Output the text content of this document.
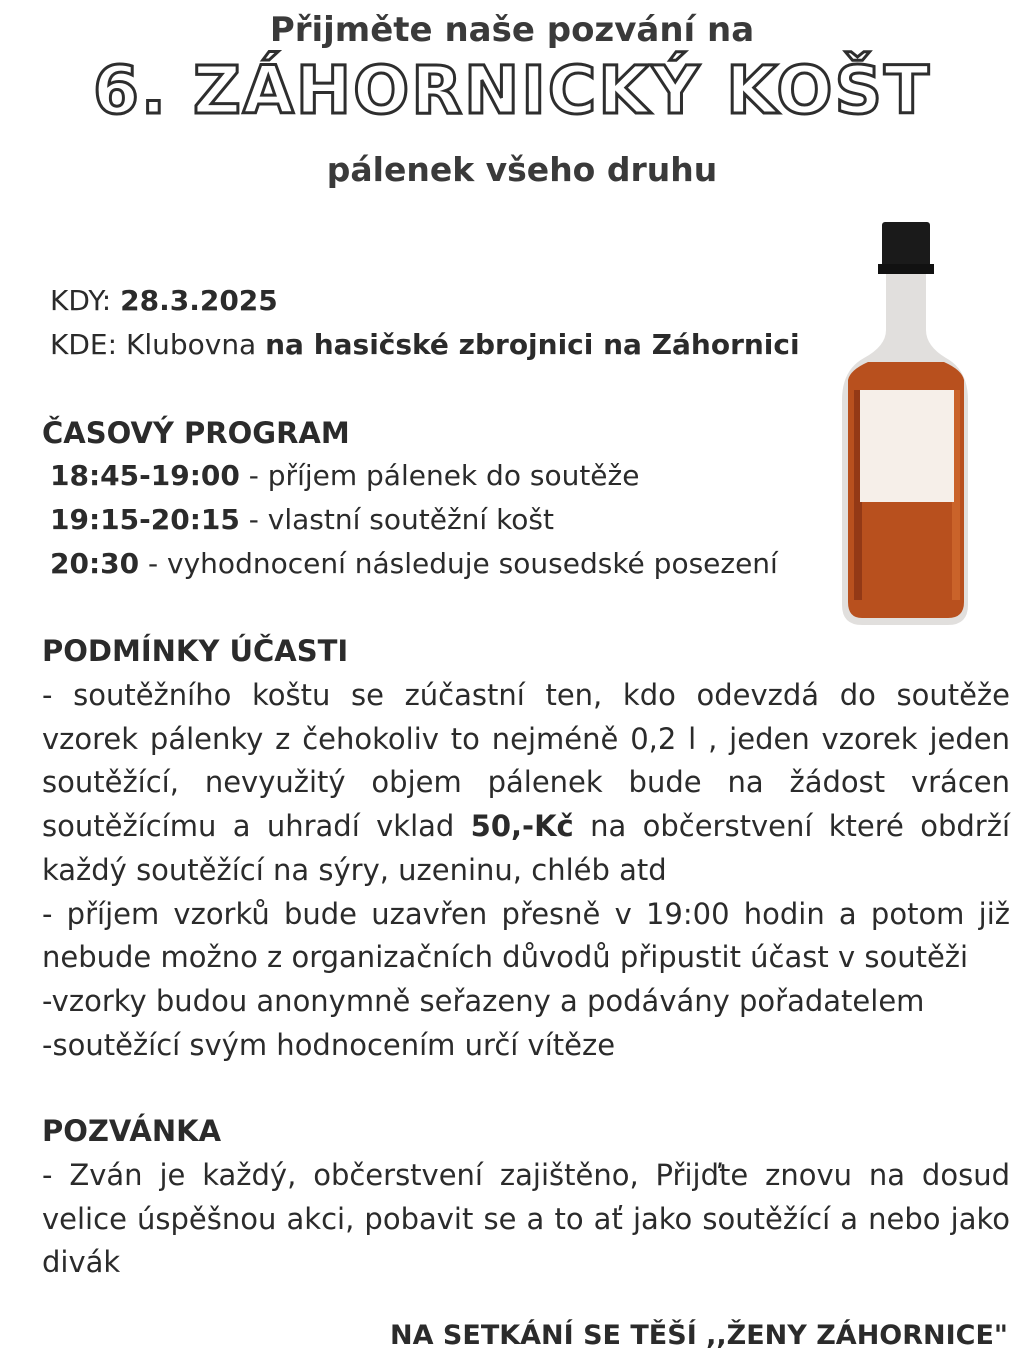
Přijměte naše pozvání na
6. ZÁHORNICKÝ KOŠT
pálenek všeho druhu
KDY: 28.3.2025
KDE: Klubovna na hasičské zbrojnici na Záhornici
ČASOVÝ PROGRAM
18:45-19:00 - příjem pálenek do soutěže
19:15-20:15 - vlastní soutěžní košt
20:30 - vyhodnocení následuje sousedské posezení
PODMÍNKY ÚČASTI
- soutěžního koštu se zúčastní ten, kdo odevzdá do soutěže
vzorek pálenky z čehokoliv to nejméně 0,2 l , jeden vzorek jeden
soutěžící, nevyužitý objem pálenek bude na žádost vrácen
soutěžícímu a uhradí vklad 50,-Kč na občerstvení které obdrží
každý soutěžící na sýry, uzeninu, chléb atd
- příjem vzorků bude uzavřen přesně v 19:00 hodin a potom již
nebude možno z organizačních důvodů připustit účast v soutěži
-vzorky budou anonymně seřazeny a podávány pořadatelem
-soutěžící svým hodnocením určí vítěze
POZVÁNKA
- Zván je každý, občerstvení zajištěno, Přijďte znovu na dosud
velice úspěšnou akci, pobavit se a to ať jako soutěžící a nebo jako
divák
NA SETKÁNÍ SE TĚŠÍ ,,ŽENY ZÁHORNICE"
